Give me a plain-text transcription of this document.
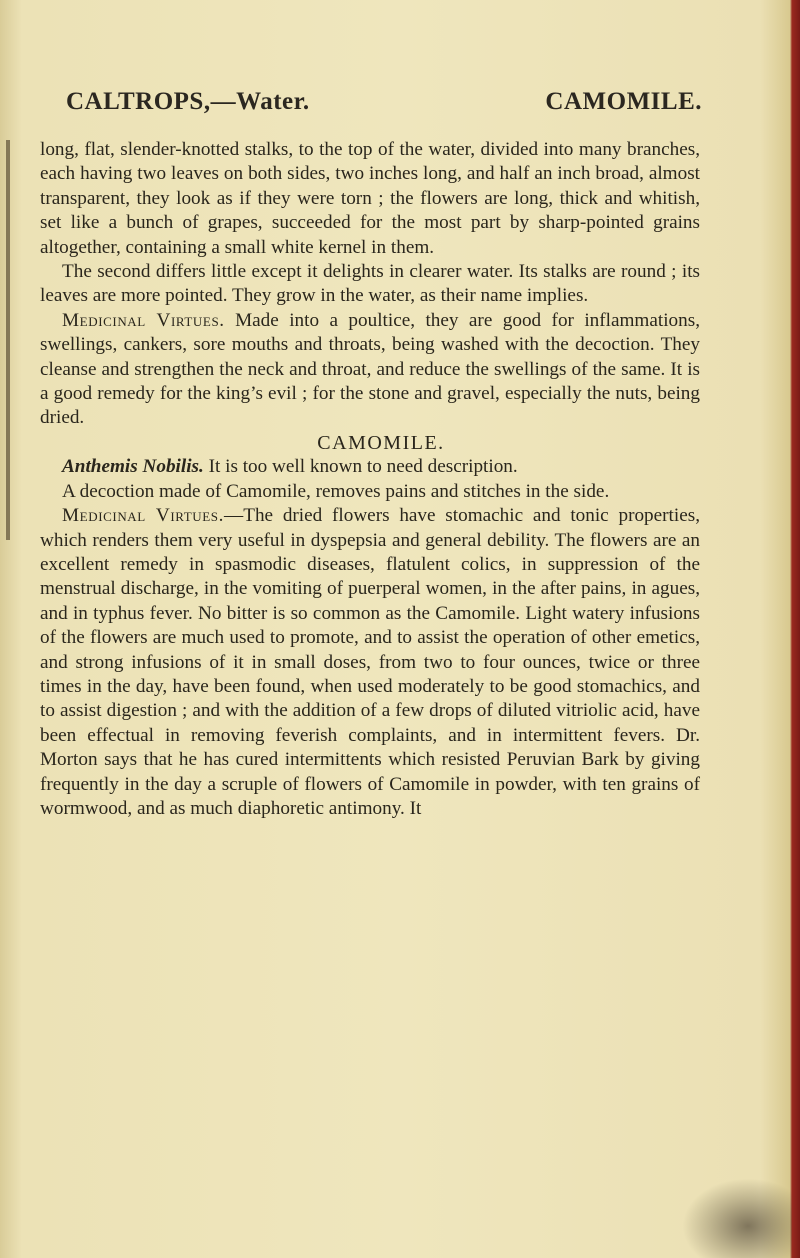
CALTROPS,—Water.	CAMOMILE.

long, flat, slender-knotted stalks, to the top of the water, divided into many branches, each having two leaves on both sides, two inches long, and half an inch broad, almost transparent, they look as if they were torn ; the flowers are long, thick and whitish, set like a bunch of grapes, succeeded for the most part by sharp-pointed grains altogether, containing a small white kernel in them.

The second differs little except it delights in clearer water. Its stalks are round ; its leaves are more pointed. They grow in the water, as their name implies.

Medicinal Virtues. Made into a poultice, they are good for inflammations, swellings, cankers, sore mouths and throats, being washed with the decoction. They cleanse and strengthen the neck and throat, and reduce the swellings of the same. It is a good remedy for the king’s evil ; for the stone and gravel, especially the nuts, being dried.

CAMOMILE.

Anthemis Nobilis. It is too well known to need description.

A decoction made of Camomile, removes pains and stitches in the side.

Medicinal Virtues.—The dried flowers have stomachic and tonic properties, which renders them very useful in dyspepsia and general debility. The flowers are an excellent remedy in spasmodic diseases, flatulent colics, in suppression of the menstrual discharge, in the vomiting of puerperal women, in the after pains, in agues, and in typhus fever. No bitter is so common as the Camomile. Light watery infusions of the flowers are much used to promote, and to assist the operation of other emetics, and strong infusions of it in small doses, from two to four ounces, twice or three times in the day, have been found, when used moderately to be good stomachics, and to assist digestion ; and with the addition of a few drops of diluted vitriolic acid, have been effectual in removing feverish complaints, and in intermittent fevers. Dr. Morton says that he has cured intermittents which resisted Peruvian Bark by giving frequently in the day a scruple of flowers of Camomile in powder, with ten grains of wormwood, and as much diaphoretic antimony. It
